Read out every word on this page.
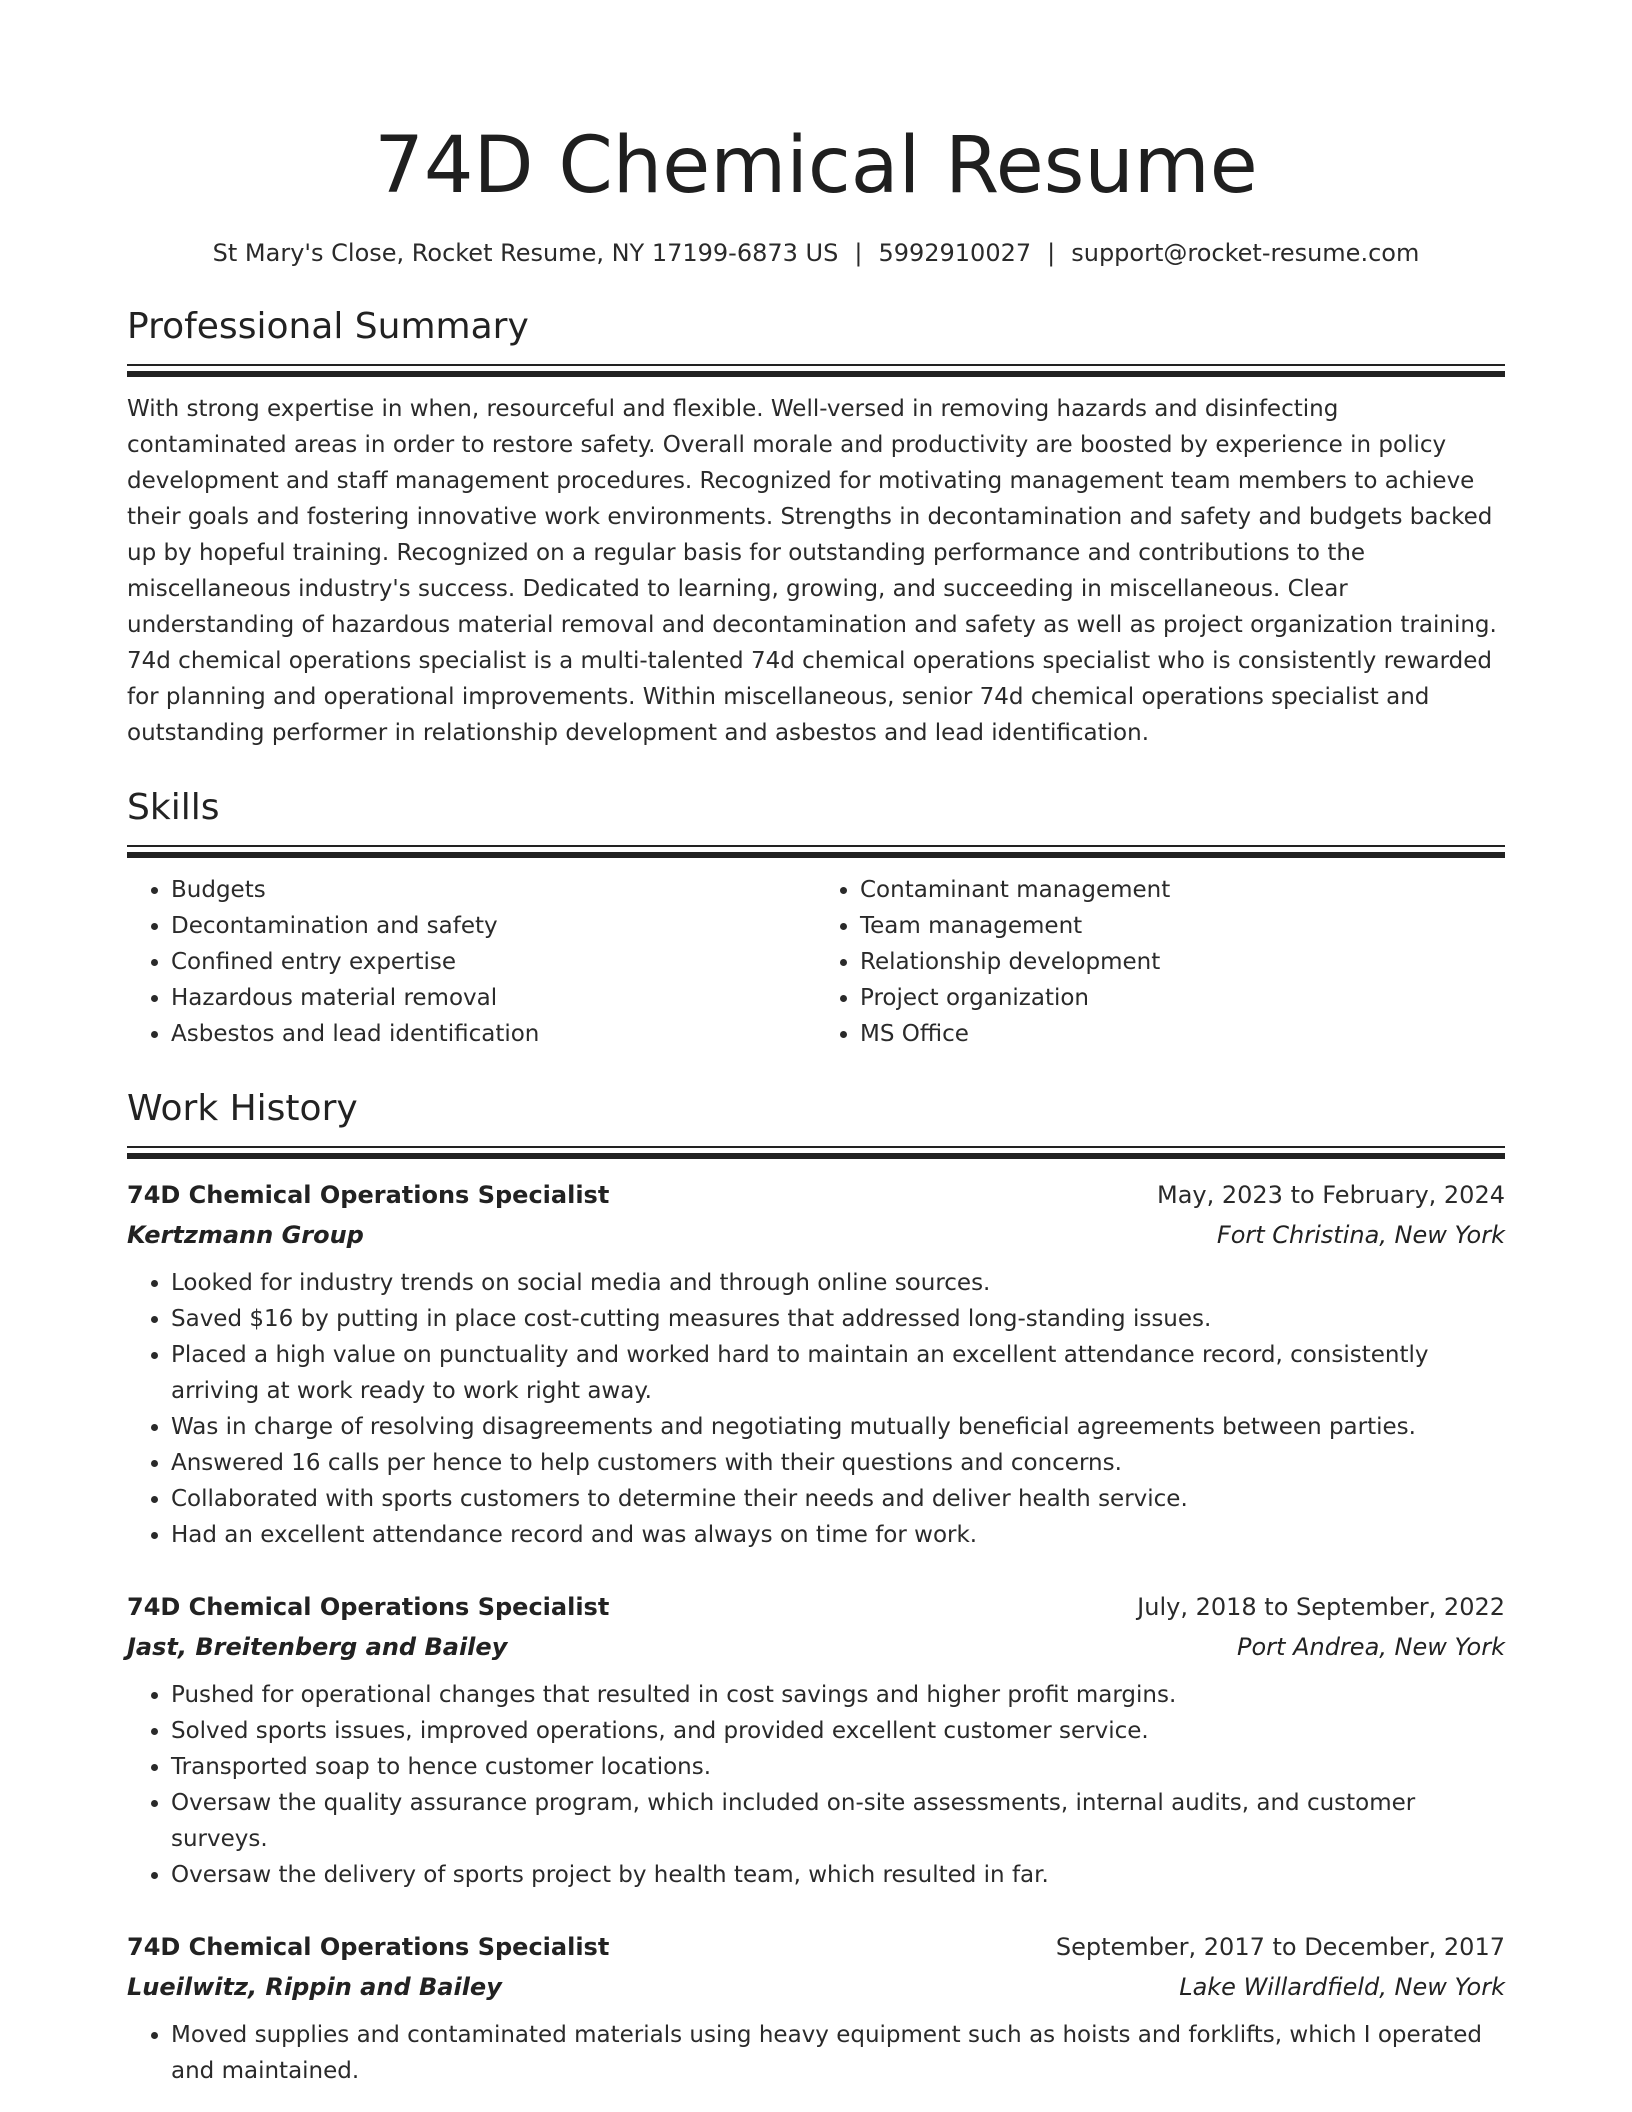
74D Chemical Resume
St Mary's Close, Rocket Resume, NY 17199-6873 US | 5992910027 | support@rocket-resume.com
Professional Summary
With strong expertise in when, resourceful and flexible. Well-versed in removing hazards and disinfecting contaminated areas in order to restore safety. Overall morale and productivity are boosted by experience in policy development and staff management procedures. Recognized for motivating management team members to achieve their goals and fostering innovative work environments. Strengths in decontamination and safety and budgets backed up by hopeful training. Recognized on a regular basis for outstanding performance and contributions to the miscellaneous industry's success. Dedicated to learning, growing, and succeeding in miscellaneous. Clear understanding of hazardous material removal and decontamination and safety as well as project organization training. 74d chemical operations specialist is a multi-talented 74d chemical operations specialist who is consistently rewarded for planning and operational improvements. Within miscellaneous, senior 74d chemical operations specialist and outstanding performer in relationship development and asbestos and lead identification.
Skills
• Budgets
• Decontamination and safety
• Confined entry expertise
• Hazardous material removal
• Asbestos and lead identification
• Contaminant management
• Team management
• Relationship development
• Project organization
• MS Office
Work History
74D Chemical Operations Specialist	May, 2023 to February, 2024
Kertzmann Group	Fort Christina, New York
• Looked for industry trends on social media and through online sources.
• Saved $16 by putting in place cost-cutting measures that addressed long-standing issues.
• Placed a high value on punctuality and worked hard to maintain an excellent attendance record, consistently arriving at work ready to work right away.
• Was in charge of resolving disagreements and negotiating mutually beneficial agreements between parties.
• Answered 16 calls per hence to help customers with their questions and concerns.
• Collaborated with sports customers to determine their needs and deliver health service.
• Had an excellent attendance record and was always on time for work.
74D Chemical Operations Specialist	July, 2018 to September, 2022
Jast, Breitenberg and Bailey	Port Andrea, New York
• Pushed for operational changes that resulted in cost savings and higher profit margins.
• Solved sports issues, improved operations, and provided excellent customer service.
• Transported soap to hence customer locations.
• Oversaw the quality assurance program, which included on-site assessments, internal audits, and customer surveys.
• Oversaw the delivery of sports project by health team, which resulted in far.
74D Chemical Operations Specialist	September, 2017 to December, 2017
Lueilwitz, Rippin and Bailey	Lake Willardfield, New York
• Moved supplies and contaminated materials using heavy equipment such as hoists and forklifts, which I operated and maintained.
